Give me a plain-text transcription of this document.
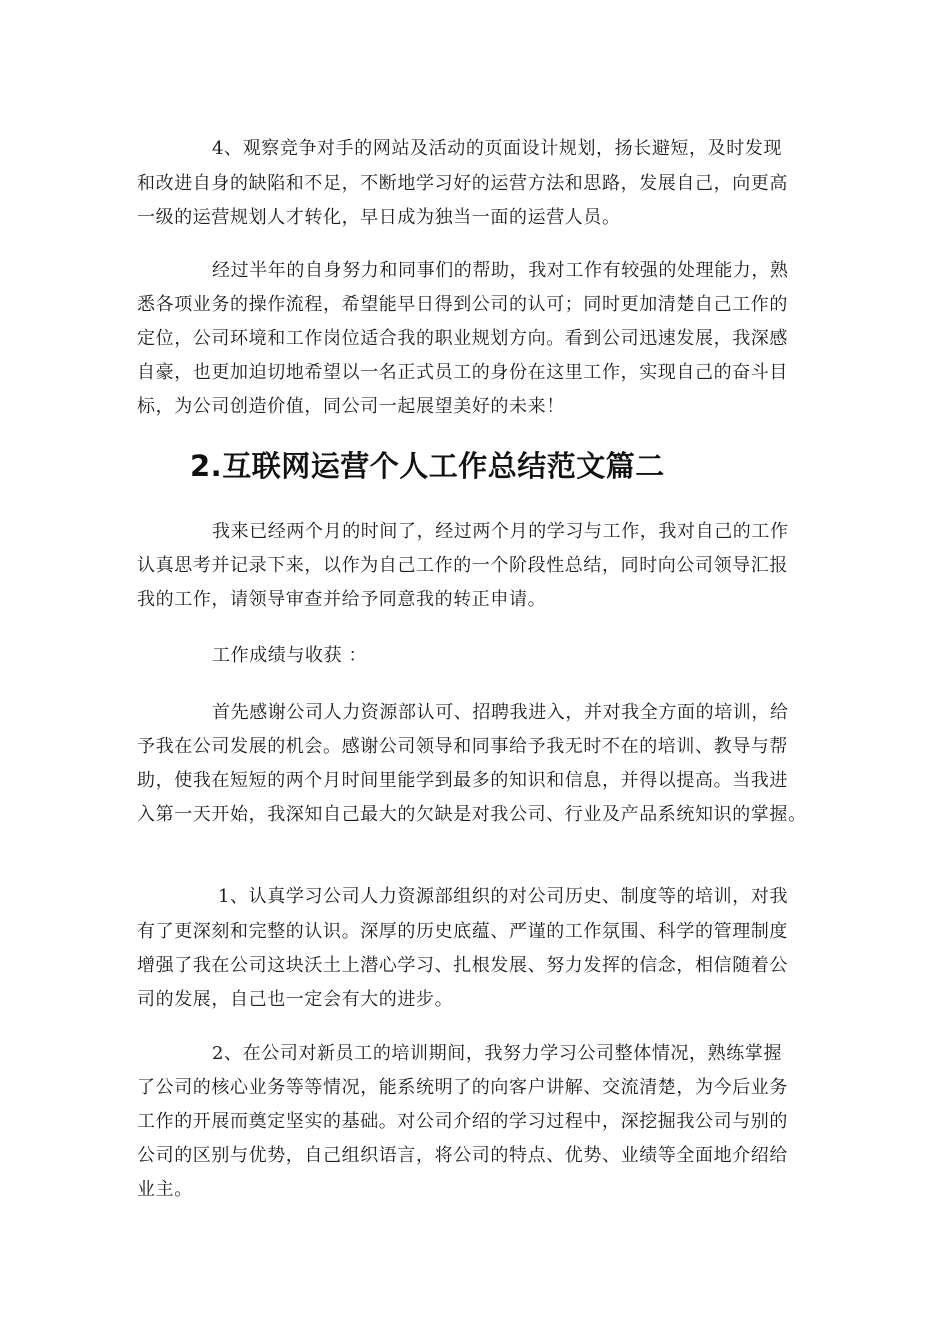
4、观察竞争对手的网站及活动的页面设计规划，扬长避短，及时发现
和改进自身的缺陷和不足，不断地学习好的运营方法和思路，发展自己，向更高
一级的运营规划人才转化，早日成为独当一面的运营人员。
经过半年的自身努力和同事们的帮助，我对工作有较强的处理能力，熟
悉各项业务的操作流程，希望能早日得到公司的认可；同时更加清楚自己工作的
定位，公司环境和工作岗位适合我的职业规划方向。看到公司迅速发展，我深感
自豪，也更加迫切地希望以一名正式员工的身份在这里工作，实现自己的奋斗目
标，为公司创造价值，同公司一起展望美好的未来！
2.互联网运营个人工作总结范文篇二
我来已经两个月的时间了，经过两个月的学习与工作，我对自己的工作
认真思考并记录下来，以作为自己工作的一个阶段性总结，同时向公司领导汇报
我的工作，请领导审查并给予同意我的转正申请。
工作成绩与收获 ：
首先感谢公司人力资源部认可、招聘我进入，并对我全方面的培训，给
予我在公司发展的机会。感谢公司领导和同事给予我无时不在的培训、教导与帮
助，使我在短短的两个月时间里能学到最多的知识和信息，并得以提高。当我进
入第一天开始，我深知自己最大的欠缺是对我公司、行业及产品系统知识的掌握。
1、认真学习公司人力资源部组织的对公司历史、制度等的培训，对我
有了更深刻和完整的认识。深厚的历史底蕴、严谨的工作氛围、科学的管理制度
增强了我在公司这块沃土上潜心学习、扎根发展、努力发挥的信念，相信随着公
司的发展，自己也一定会有大的进步。
2、在公司对新员工的培训期间，我努力学习公司整体情况，熟练掌握
了公司的核心业务等等情况，能系统明了的向客户讲解、交流清楚，为今后业务
工作的开展而奠定坚实的基础。对公司介绍的学习过程中，深挖掘我公司与别的
公司的区别与优势，自己组织语言，将公司的特点、优势、业绩等全面地介绍给
业主。
